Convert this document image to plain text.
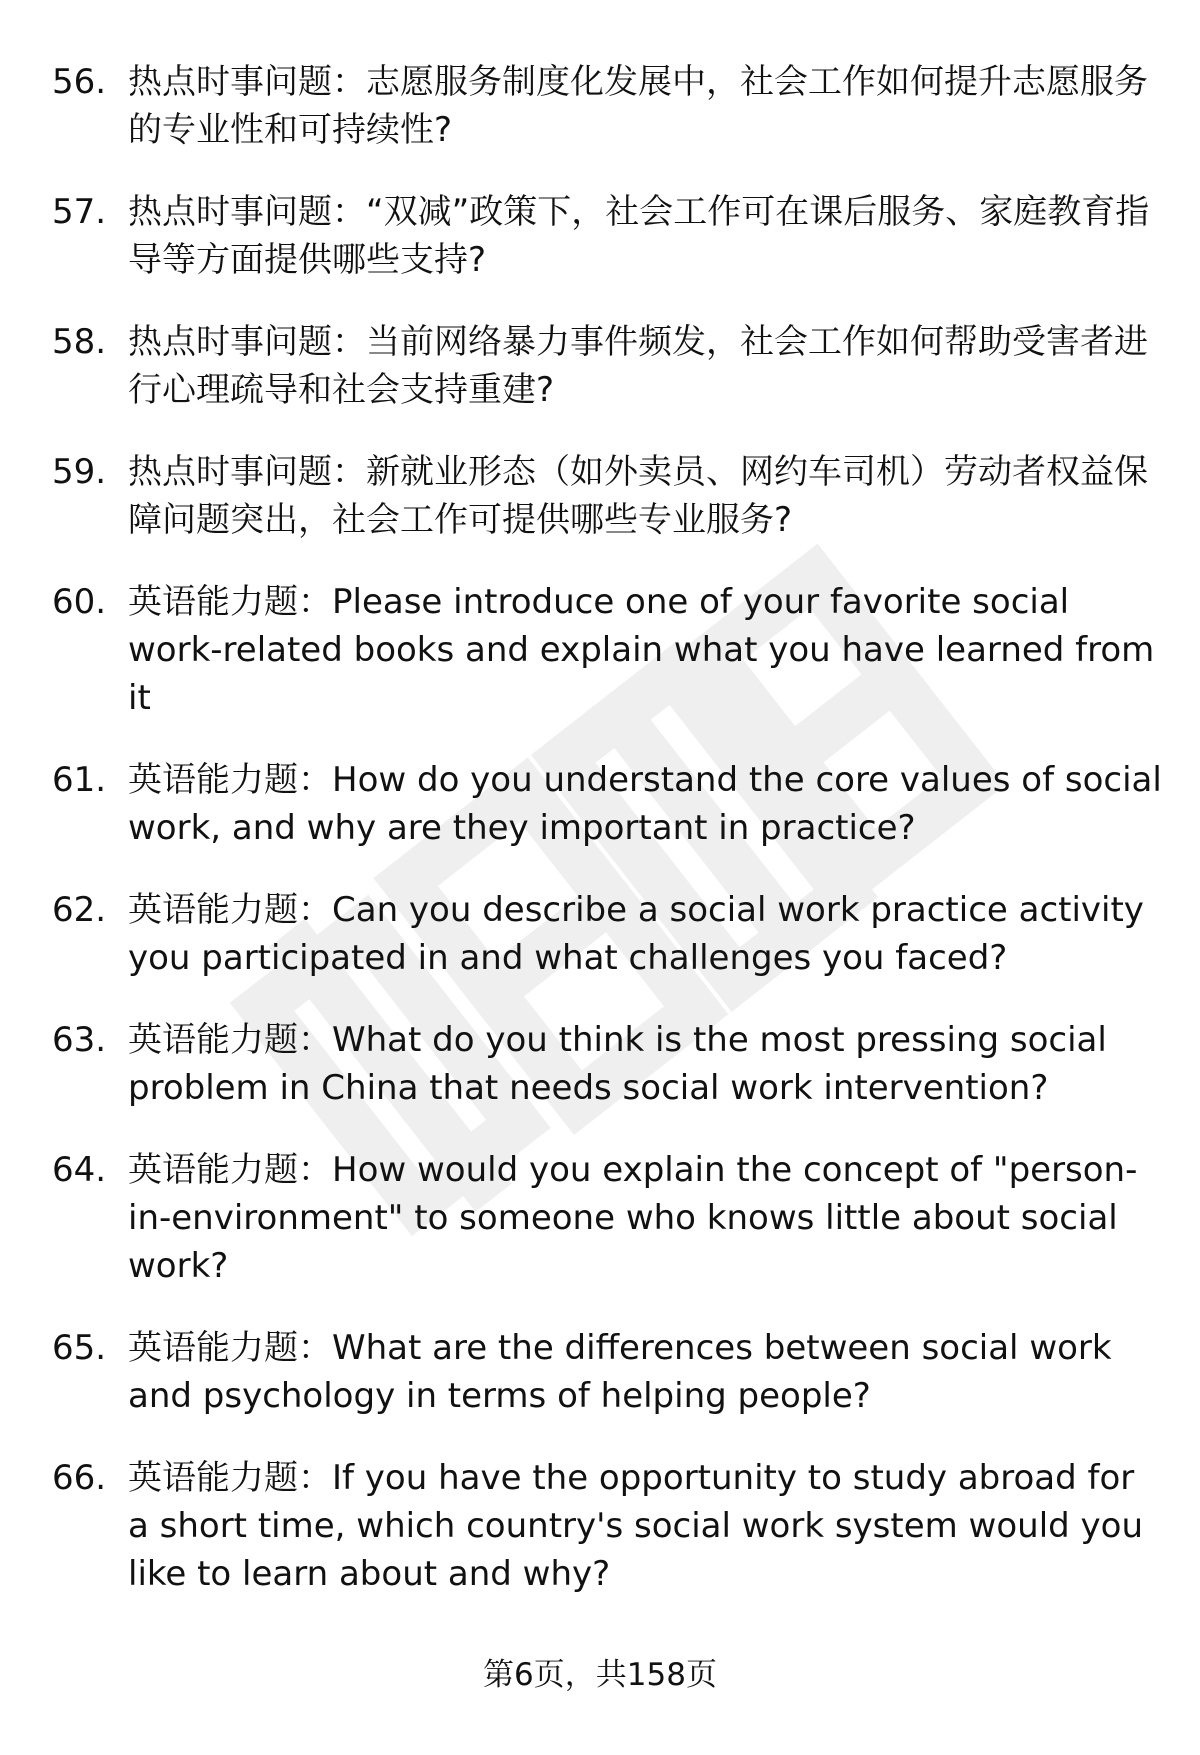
56. 热点时事问题：志愿服务制度化发展中，社会工作如何提升志愿服务的专业性和可持续性?
57. 热点时事问题：“双减”政策下，社会工作可在课后服务、家庭教育指导等方面提供哪些支持?
58. 热点时事问题：当前网络暴力事件频发，社会工作如何帮助受害者进行心理疏导和社会支持重建?
59. 热点时事问题：新就业形态（如外卖员、网约车司机）劳动者权益保障问题突出，社会工作可提供哪些专业服务?
60. 英语能力题：Please introduce one of your favorite social work-related books and explain what you have learned from it
61. 英语能力题：How do you understand the core values of social work, and why are they important in practice?
62. 英语能力题：Can you describe a social work practice activity you participated in and what challenges you faced?
63. 英语能力题：What do you think is the most pressing social problem in China that needs social work intervention?
64. 英语能力题：How would you explain the concept of "person-in-environment" to someone who knows little about social work?
65. 英语能力题：What are the differences between social work and psychology in terms of helping people?
66. 英语能力题：If you have the opportunity to study abroad for a short time, which country's social work system would you like to learn about and why?
第6页，共158页
